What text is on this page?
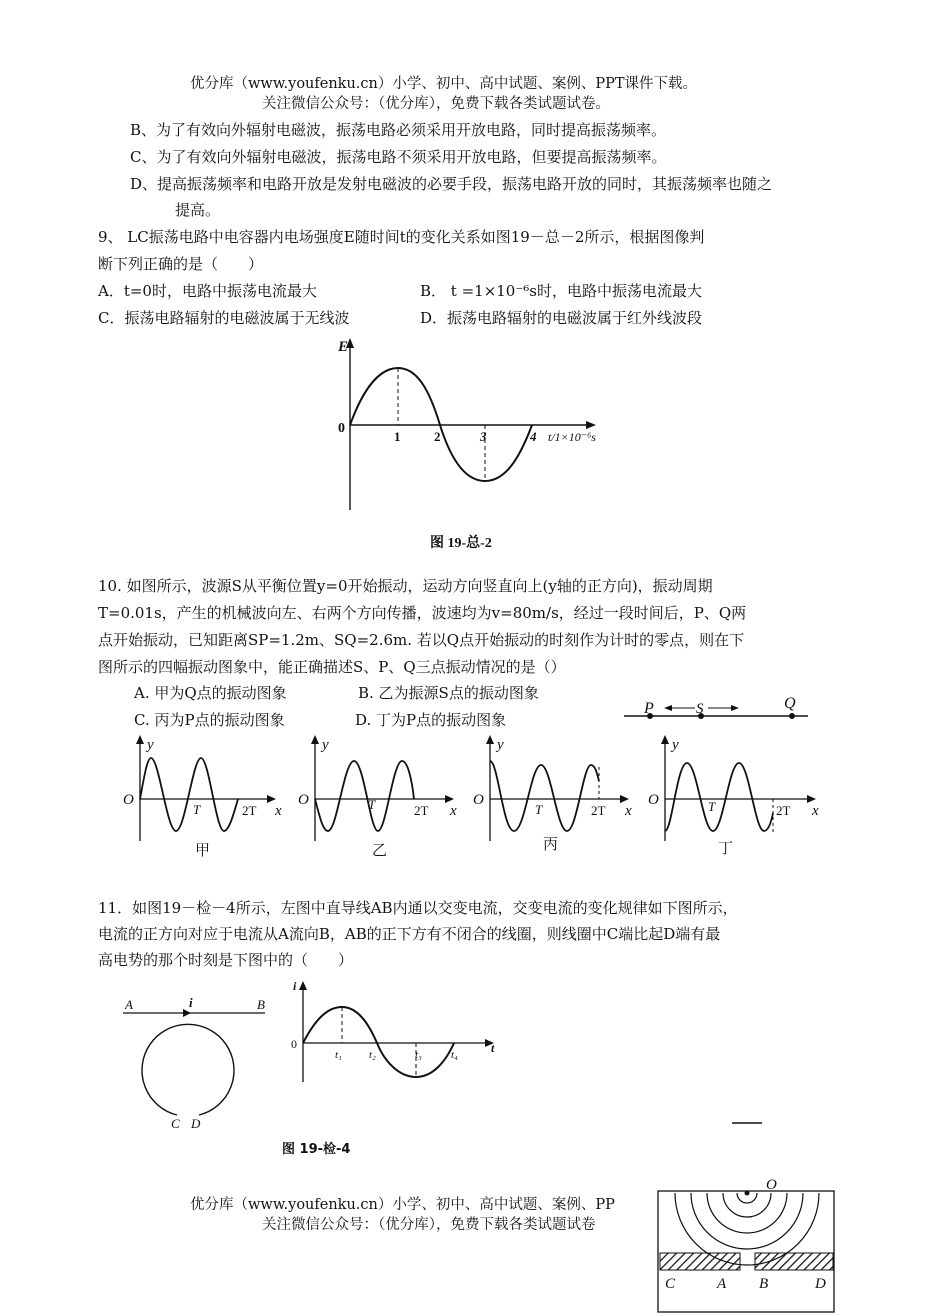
优分库（www.youfenku.cn）小学、初中、高中试题、案例、PPT课件下载。
关注微信公众号：（优分库），免费下载各类试题试卷。
B、为了有效向外辐射电磁波，振荡电路必须采用开放电路，同时提高振荡频率。
C、为了有效向外辐射电磁波，振荡电路不须采用开放电路，但要提高振荡频率。
D、提高振荡频率和电路开放是发射电磁波的必要手段，振荡电路开放的同时，其振荡频率也随之
提高。
9、 LC振荡电路中电容器内电场强度E随时间t的变化关系如图19－总－2所示，根据图像判
断下列正确的是（　　）
A．t=0时，电路中振荡电流最大	B． t =1×10⁻⁶s时，电路中振荡电流最大
C．振荡电路辐射的电磁波属于无线波	D．振荡电路辐射的电磁波属于红外线波段
E
0
1	2	3	4 t/1×10⁻⁶s
图 19-总-2
10. 如图所示，波源S从平衡位置y=0开始振动，运动方向竖直向上(y轴的正方向)，振动周期
T=0.01s，产生的机械波向左、右两个方向传播，波速均为v=80m/s，经过一段时间后，P、Q两
点开始振动，已知距离SP=1.2m、SQ=2.6m. 若以Q点开始振动的时刻作为计时的零点，则在下
图所示的四幅振动图象中，能正确描述S、P、Q三点振动情况的是（）
A. 甲为Q点的振动图象	B. 乙为振源S点的振动图象
C. 丙为P点的振动图象	D. 丁为P点的振动图象
P	S	Q
y
O
T	2T x
甲
y
O	T	2T x
乙
y
O
T	2T x
丙
y
O	T	2T x
丁
11．如图19－检－4所示，左图中直导线AB内通以交变电流，交变电流的变化规律如下图所示，
电流的正方向对应于电流从A流向B，AB的正下方有不闭合的线圈，则线圈中C端比起D端有最
高电势的那个时刻是下图中的（　　）
A	i	B
C D
i
0
t₁ t₂	t₃	t₄	t
图 19-检-4
优分库（www.youfenku.cn）小学、初中、高中试题、案例、PP
关注微信公众号：（优分库），免费下载各类试题试卷
O
C	A B	D
